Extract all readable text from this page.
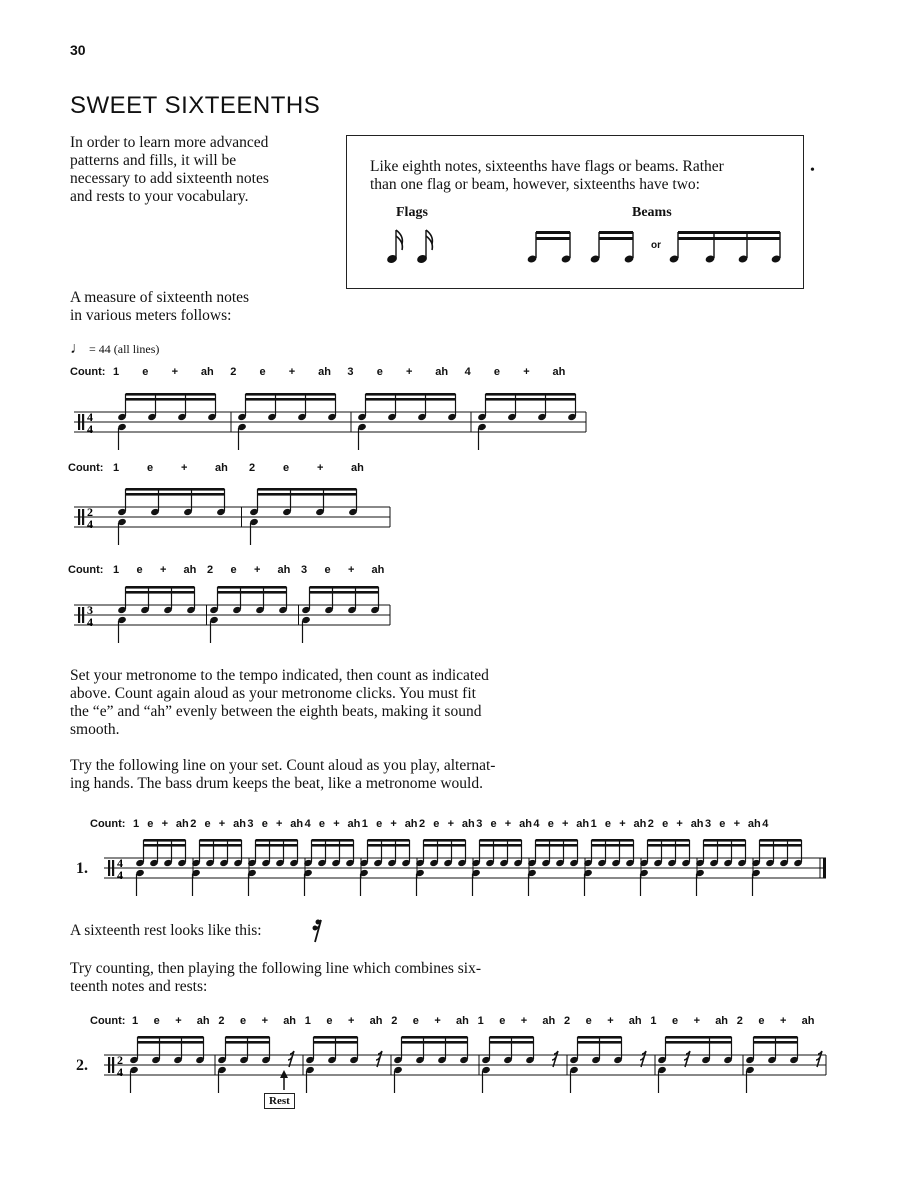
30
SWEET SIXTEENTHS
In order to learn more advanced
patterns and fills, it will be
necessary to add sixteenth notes
and rests to your vocabulary.
Like eighth notes, sixteenths have flags or beams. Rather
than one flag or beam, however, sixteenths have two:
•
Flags	Beams
or
4
4
2
4
3
4
4
4
2
4
A measure of sixteenth notes
in various meters follows:
♩ = 44 (all lines)
Count: 1 e + ah 2 e + ah 3 e + ah 4 e + ah
Count: 1	e	+	ah 2	e	+	ah
Count: 1 e + ah 2 e + ah 3 e + ah
Count: 1 e + ah 2 e + ah 3 e + ah 4 e + ah 1 e + ah 2 e + ah 3 e + ah 4 e + ah 1 e + ah 2 e + ah 3 e + ah 4
Count: 1 e + ah 2 e + ah 1 e + ah 2 e + ah 1 e + ah 2 e + ah 1 e + ah 2 e + ah
Set your metronome to the tempo indicated, then count as indicated
above. Count again aloud as your metronome clicks. You must fit
the “e” and “ah” evenly between the eighth beats, making it sound
smooth.
Try the following line on your set. Count aloud as you play, alternat-
ing hands. The bass drum keeps the beat, like a metronome would.
1.
A sixteenth rest looks like this:
Try counting, then playing the following line which combines six-
teenth notes and rests:
2.
Rest
